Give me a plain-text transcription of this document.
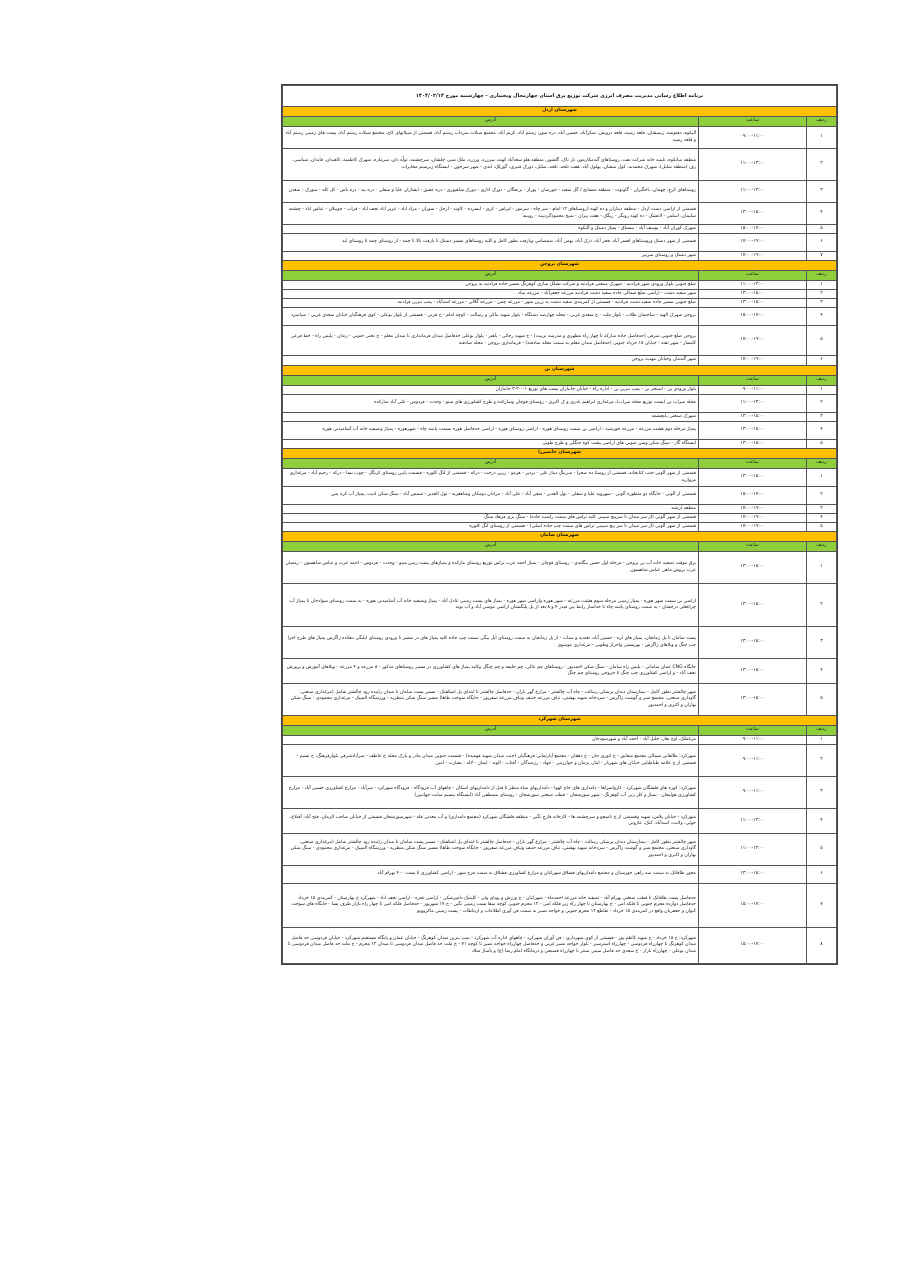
برنامه اطلاع رسانی مدیریت مصرف انرژی شرکت توزیع برق استان چهارمحال وبختیاری - چهارشنبه مورخ ۱۴۰۴/۰۳/۱۴		
شهرستان اردل		
ردیف	ساعت	آدرس
۱	۰۹:۰۰-۱۱:۰۰	آلیکوه، دهنوشه، زیمیشان، قلعه رشید، قلعه درویش، شکرآباد، حسین آباد، دره شور، رستم آباد، کریم آباد، مجتمع شیلات سرداب رستم آباد، قسمتی از شیلاتهای کاج، مجتمع شیلات رستم آباد، پست های زمینی رستم آباد و قلعه رشید
۲	۱۱:۰۰-۱۳:۰۰	منطقه میانکوه، تلمبه خانه شرکت نفت، روستاهای گندمکارمور، تل تاک، گلشور، منطقه هلو سعدآباد کهنه، سرزرد، ورزرد، ملک شیر، چلشان، سرچشمه، تولّه دان، سرمازه، شهرک کاظمیه، کاهیدان، قایدان، شیاسی، رف (منطقه شلیل)، شهرک محمدیه، کول میشان، پهلول آباد، هفت تلخه، تلخه، شلیل، دورک قنبری، گورلک، لندی - شهر سرخون - ایستگاه زیرسیم مخابرات
۳	۱۱:۰۰-۱۳:۰۰	روستاهای کرچ، چهمان، باجگیران - گاوتوت - منطقه منشایخ / گل سفید - جورسان - پوراز - برنجگان - دورک اناری - دورک شاهپوری - دره عشق - ابشاران علیا و سفلی - دره بید - دره باس - کل کله - سورک - سعدن
۴	۱۳:۰۰-۱۵:۰۰	قسمتی از اراضی دشت اردل - منطقه دیناران و ده کهنه (روستاهای ۱۲ امام - سر چاه - سرمور - لیراس - کری - ابسرده - کاوند - ارجل - شوران - مراد اباد - عزیز اباد نجف اباد - قراب - چوبیلان - عباس اباد - چشمه سلیمان، اسلمر - لاعشک - ده کهنه رویگر - ریگک - هفت پیران - شیخ محمودگردیینه - رویینه
۵	۱۵:۰۰-۱۷:۰۰	شهرک کوران آباد - یوسف آباد - نیسیاق - پمپاژ دشتک و آلیکوه
۶	۱۷:۰۰-۱۹:۰۰	قسمتی از شهر دشتک وروستاهای افسر آباد، فخر آباد، ذرک آباد، بهمن آباد، صمصامی وبازفت بطور کامل و کلیه روستاهای مسیر دشتک تا بازفت بالا تا چمه - از روستای چمه تا روستای لبد
۷	۱۷:۰۰-۱۹:۰۰	شهر دشتک و روستای سربیر
شهرستان بروجن		
ردیف	ساعت	آدرس
۱	۱۱:۰۰-۱۳:۰۰	ضلع جنوبی بلوار ورودی شهر فرادنبه - شهرک صنعتی فرادنبه و شرکت تشلک سازی کوهرنگ مسیر جاده فرادنبه به بروجن
۲	۱۳:۰۰-۱۵:۰۰	شهر سفید دشت - اراضی ضلع شمالی جاده سفید دشت فرادنبه مزرعه جعفرآباد - مزرعه بنیاد
۳	۱۳:۰۰-۱۵:۰۰	ضلع جنوبی مسیر جاده سفید دشت فرادنبه - قسمتی از کمربندی سفید دشت به زرین شهر - مزرعه چمن - مزرعه گلالی - مزرعه اسدآباد - پمپ بنزین فرادنبه
۴	۱۵:۰۰-۱۷:۰۰	بروجن شهرک الهیه - ساختمان طلاب - بلوار ملت - خ سعدی غربی - محله چهارصد دستگاه - بلوار شهید بناکی و رسالت - کوچه امام - خ قرنی - قسمتی از بلوار بوعلی - کوی فرهنگیان خیابان سعدی غربی - سیاسرد
۵	۱۷:۰۰-۱۹:۰۰	بروجن ضلع جنوبی شرقی (حدفاصل جاده مبارکه تا چهار راه مطهری و مدرسه تربیت) - خ شهید رجائی - باهنر - بلوار بوعلی حدفاصل میدان فرمانداری تا میدان معلم - خ تختی جنوبی - زندان - پلیس راه - خط فرعی کلیسار - شهر نقنه - خیابان ۱۵ خرداد جنوبی (حدفاصل میدان معلم به سمت محله صادقیه) - فرمانداری بروجن - محله صادقیه
۶	۱۷:۰۰-۱۹:۰۰	شهر گندمان وخیابان مهدیه بروجن
شهرستان بن		
ردیف	ساعت	آدرس
۱	۰۹:۰۰-۱۱:۰۰	بلوار ورودی بن - استخر بن - پمپ بنزین بن - اداره راه - خیابان جانبازان پست های توزیع ۱-۰-۲-۳ جانبازان
۲	۱۱:۰۰-۱۳:۰۰	محله سراب بن (پست توزیع محله سراب)، مرغداری ابراهیم نادری و ک اکبری - روستای قوچان وسارکده و طرح کشاورزی های مینو - وحدت - فردوس - علی آباد سارکده
۳	۱۳:۰۰-۱۵:۰۰	شهرک صنعتی بابچشمه
۴	۱۳:۰۰-۱۵:۰۰	پمپاژ مرحله دوم هشت مزرعه - مزرعه خورشید - اراضی بن سمت روستای هوره - اراضی روستای هوره - اراضی حدفاصل هوره بسمت پاسه چاه - شهرهوره - پمپاژ وتصفیه خانه آب آشامیدنی هوره
۵	۱۳:۰۰-۱۵:۰۰	ایستگاه گاز - سنگ شکن وشن شویی های اراضی پشت کوه جنگلی و طرح طوبی
شهرستان خانمیرزا		
ردیف	ساعت	آدرس
۱	۱۳:۰۰-۱۵:۰۰	قسمتی از شهر آلونی جنب کتابخانه، قسمتی از روستا ده صحرا - سرتنگ دیناز علی - بردپر - هرمو - زرین درخت - درکه - قسمتی از لنگ کلوره - قسمت پایین روستای کرنگل - چوب نسا - درکه - رحیم آباد - مرغداری مروارید
۲	۱۵:۰۰-۱۷:۰۰	قسمتی از آلونی - جایگاه دو منظوره آلونی - شهرویه علیا و سفلی - تول الغدیر - صفی آباد - علی آباد - مرادان دومکان وشاهقربه - تول الفدیر - شمس آباد - سنگ شکن ادیب، پمپاژ آب کره پس
۳	۱۷:۰۰-۱۹:۰۰	منطقه ارشند
۴	۱۷:۰۰-۱۹:۰۰	قسمتی از شهر آلونی (از سر میدان تا سرپیچ سپینی کلیه تراس های سمت راست جاده) - سنگ بری فرهاد سنگ
۵	۱۷:۰۰-۱۹:۰۰	قسمتی از شهر آلونی (از سر میدان تا سر پیچ سپینی تراس های سمت چپ جاده اصلی) - قسمتی از روستای لنگ کلوره
شهرستان سامان		
ردیف	ساعت	آدرس
۱	۱۳:۰۰-۱۵:۰۰	برق موقت تصفیه خانه آب بن بروجن - مرحله اول حسن بیگلندی - روستای قوچان - پمپاژ احمد عرب تراس توزیع روستای مارکده و پمپاژهای پست زمین مینو - وحدت - فردوس - احمد عرب و عباس شاهسون - رمضان عرب پروش ماهی عباس شاهسون
۲	۱۳:۰۰-۱۵:۰۰	اراضی بن سمت شهر هوره - پمپاژ زمینی مرحله سوم هشت مزرعه - شهر هوره واراضی شهر هوره - پمپاژ های پست زمینی عادل آباد - پمپاژ وتصفیه خانه آب آشامیدنی هوره - به سمت روستای سوادجان تا پمپاژ آب چراغعلی درخشان - به سمت روستای پاسه چاه تا جداساز رابط بین فیدر ۴ و ۸ بعد از پل پلنگستان اراضی موسی آباد و آب یونه
۳	۱۳:۰۰-۱۵:۰۰	پست سامان تا پل زمانجان، پمپاژ های لره - حسین آباد، تغندیه و سناب - از پل زمانجان به سمت روستای ایل بیگی سمت چپ جاده کلیه پمپاژ های در مسیر تا ورودی روستای ایلیگی دهکده زاگرس پمپاژ های طرح اجرا چپ چنگ و ویلاهای زاگرس - بهزیستی واحراز وطوبی - مرغداری موسوی
۴	۱۳:۰۰-۱۵:۰۰	جایگاه CNG عمان سامانی - پلیس راه سامان - سنگ شکن احمدپور - روستاهای چم عالی، چم خلیفه و چم چنگل وکلیه پمپاژ های کشاورزی در مسیر روستاهای مذکور - ۸ مزرعه و ۴ مزرعه - ویلاهای آموزش و پرورش نجف آباد - و اراضی کشاورزی چپ چنگ تا خروجی روستای چم چنگ
۵	۱۳:۰۰-۱۵:۰۰	شهر چالشتر بطور کامل - بیمارستان دندان پزشکی رسالت - چاه آب چالشتر - مزارع گهر باران - حدفاصل چالشتر تا ابتدای پل اشکفتک - مسیر پست سامان تا میدان زاینده رود چالشتر شامل (مرغداری صنعتی، گاوداری صنعتی، مجتمع شیر و گوشت زاگرس - سردخانه شهید بهشتی، تیاف مزرعه حنیف وتیاف مزرعه صفرپور - جایگاه سوخت طاها) مسیر سنگ شکن منظریه - ورزشگاه المپیک - مرغداری محمودی - سنگ شکن بهاران و اکبری و احمدپور
شهرستان شهرکرد		
ردیف	ساعت	آدرس
۱	۰۹:۰۰-۱۱:۰۰	مرغملک، اوج بغار، خلیل آباد - احمد آباد و شهرسودجان
۲	۰۹:۰۰-۱۱:۰۰	شهرکرد: طالقانی شمالی مجتمع شقایق - خ انوری جان - خ دهقان - مجتمع آپارتمانی فرهنگیان (جنب میدان شهید فهمیده) - قسمت جنوبی میدان مادر و پارک محله خ عاطف - میرآبادشرقی بلوارفرهنگ، خ نسیم - قسمتی از خ علامه طباطبایی خیابان های شهریار - ایثار، پژمان و خوارزمی - جهاد - رزمندگان - آفتاب - الوند - ایمان - لاله - بشارت - امین
۳	۰۹:۰۰-۱۱:۰۰	شهرکرد: کوره های فلشگان شهرکرد - کارواسراها - دامداری های حاج کهوا - دامداریهای شاه منظر تا قبل از دامداریهای اسکان - چاههای آب فرودگاه - فرودگاه شهرکرد - میرآباد - مزارع کشاورزی حسین آباد - مزارع کشاورزی هولیجان - پمپاژ و کلر زنی آب کوهرنگ - شهر سورشجان - قطب صنعتی سورشجان - روستای مصطفی آباد (ایستگاه بیسیم سایت جهانبین)
۴	۱۱:۰۰-۱۳:۰۰	شهرکرد - خیابان پلاس، شهید وقسمتی از خ تامیچو و سرچشمه ها - کارخانه قارچ نگین - منطقه فلشگان شهرکرد (مجتمع دامداری) و آب معدنی فله - شهرسورشجان قسمتی از خیابان صاحب الزمان، فتح آباد، آقبلاغ، خوئی، ولایت، اسدآباد، کنک، عازونی
۵	۱۱:۰۰-۱۳:۰۰	شهر چالشتر بطور کامل - بیمارستان دندان پزشکی رسالت - چاه آب چالشتر - مزارع گهر باران - حدفاصل چالشتر تا ابتدای پل اشکفتک - مسیر پست سامان تا میدان زاینده رود چالشتر شامل (مرغداری صنعتی، گاوداری صنعتی، مجتمع شیر و گوشت زاگرس - سردخانه شهید بهشتی، تیاف مزرعه حنیف وتیاف مزرعه صفرپور - جایگاه سوخت طاها) مسیر سنگ شکن منظریه - ورزشگاه المپیک - مرغداری محمودی - سنگ شکن بهاران و اکبری و احمدپور
۶	۱۳:۰۰-۱۵:۰۰	محور طاقانک به سمت سه راهی خوزستان و مجتمع دامداریهای قشلاق شهرکیان و مزارع کشاورزی قشلاق به سمت فرخ شهر - اراضی کشاورزی تا پست ۴۰۰ بهرام آباد
۷	۱۵:۰۰-۱۷:۰۰	حدفاصل پست طاقانک تا قطب صنعتی بهرام آباد - تصفیه خانه مزرعه احمدماه - شهرکیان - خ ورزش و پویای ولی - کلینیک دامپزشکی - اراضی تجره - اراضی نجف اباد - شهرکرد خ بهارستان - کمربندی ۱۵ خرداد حدفاصل دوازده محرم جنوبی تا فلکه امی - خ بهارستان تا چهار راه زیر فلکه امی - ۱۲ محرم جنوبی کوچه سقا پست زمینی نگین - خ ۱۷ شهریور - حدفاصل فلکه امی تا چهار راه بازار طرف نسا - جایگاه های سوخت کیوان و جعفریان واقع در کمربندی ۱۵ خرداد - تقاطع ۱۲ محرم جنوبی و خواجه نصیر به سمت فن آوری اطلاعات و ارتباطات - پست زمینی ماکروویو
۸	۱۵:۰۰-۱۷:۰۰	شهرکرد: خ ۱۵ خرداد - خ شهید کاظم پور - قسمتی از کوی شهرداری - فن آوران شهرکرد - چاههای اداره آب شهرکرد - پمپ بنزین میدان کوهرنگ - خیابان عمان و پایگاه مستقیم شهرکرد - خیابان فردوسی حد فاصل میدان کوهرنگ تا چهارراه فردوسی - چهارراه استرسیر - بلوار خواجه نصیر غربی و حدفاصل چهارراه خواجه نصیر تا کوچه ۷۱ - خ ملت حد فاصل میدان فردوسی تا میدان ۱۲ محرم - خ ملت حد فاصل میدان فردوسی تا میدان بوعلی - چهارراه بازار - خ سعدی حد فاصل سینی سنتر تا چهارراه فصیحی و درمانگاه امام رضا (ع) و پاساژ میلاد
